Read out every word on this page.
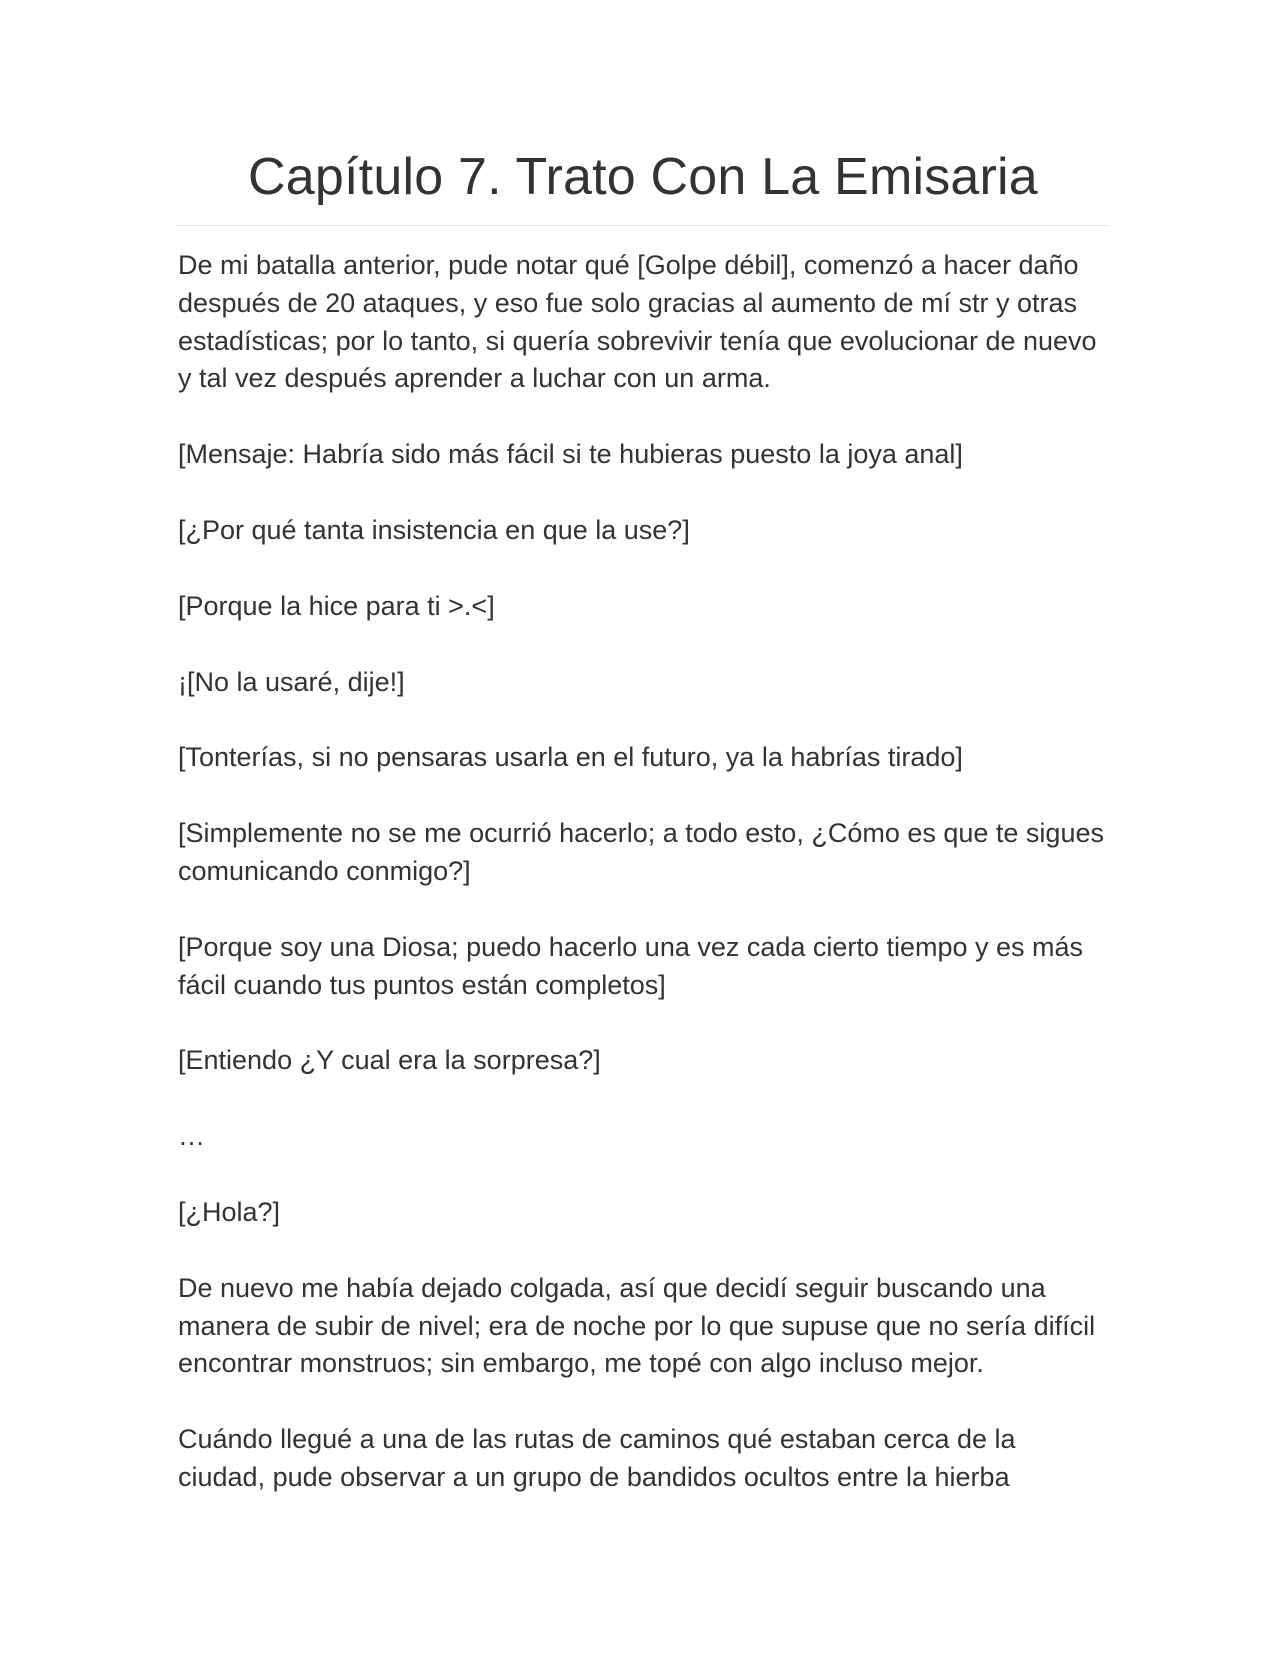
Capítulo 7. Trato Con La Emisaria

De mi batalla anterior, pude notar qué [Golpe débil], comenzó a hacer daño después de 20 ataques, y eso fue solo gracias al aumento de mí str y otras estadísticas; por lo tanto, si quería sobrevivir tenía que evolucionar de nuevo y tal vez después aprender a luchar con un arma.

[Mensaje: Habría sido más fácil si te hubieras puesto la joya anal]

[¿Por qué tanta insistencia en que la use?]

[Porque la hice para ti >.<]

¡[No la usaré, dije!]

[Tonterías, si no pensaras usarla en el futuro, ya la habrías tirado]

[Simplemente no se me ocurrió hacerlo; a todo esto, ¿Cómo es que te sigues comunicando conmigo?]

[Porque soy una Diosa; puedo hacerlo una vez cada cierto tiempo y es más fácil cuando tus puntos están completos]

[Entiendo ¿Y cual era la sorpresa?]

…

[¿Hola?]

De nuevo me había dejado colgada, así que decidí seguir buscando una manera de subir de nivel; era de noche por lo que supuse que no sería difícil encontrar monstruos; sin embargo, me topé con algo incluso mejor.

Cuándo llegué a una de las rutas de caminos qué estaban cerca de la ciudad, pude observar a un grupo de bandidos ocultos entre la hierba
